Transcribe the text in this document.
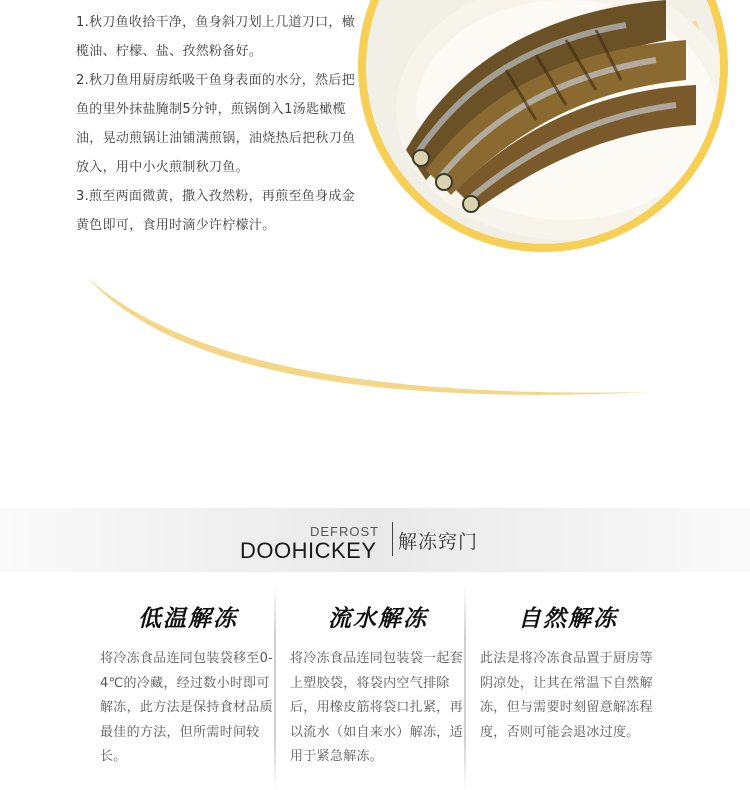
1.秋刀鱼收拾干净，鱼身斜刀划上几道刀口，橄榄油、柠檬、盐、孜然粉备好。

2.秋刀鱼用厨房纸吸干鱼身表面的水分，然后把鱼的里外抹盐腌制5分钟，煎锅倒入1汤匙橄榄油，晃动煎锅让油铺满煎锅，油烧热后把秋刀鱼放入，用中小火煎制秋刀鱼。

3.煎至两面微黄，撒入孜然粉，再煎至鱼身成金黄色即可，食用时滴少许柠檬汁。

DEFROST
DOOHICKEY 解冻窍门
低温解冻
将冷冻食品连同包装袋移至0-4℃的冷藏，经过数小时即可解冻，此方法是保持食材品质最佳的方法，但所需时间较长。
流水解冻
将冷冻食品连同包装袋一起套上塑胶袋，将袋内空气排除后，用橡皮筋将袋口扎紧，再以流水（如自来水）解冻，适用于紧急解冻。
自然解冻
此法是将冷冻食品置于厨房等阴凉处，让其在常温下自然解冻，但与需要时刻留意解冻程度，否则可能会退冰过度。
